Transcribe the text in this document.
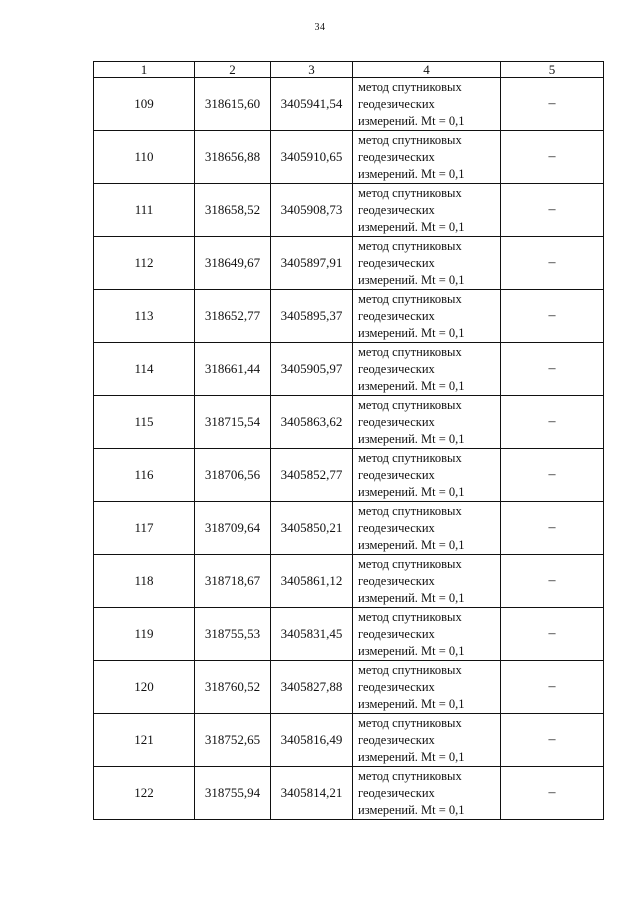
34
1	2	3	4	5
109	318615,60	3405941,54	метод спутниковых
геодезических
измерений. Mt = 0,1	–
110	318656,88	3405910,65	метод спутниковых
геодезических
измерений. Mt = 0,1	–
111	318658,52	3405908,73	метод спутниковых
геодезических
измерений. Mt = 0,1	–
112	318649,67	3405897,91	метод спутниковых
геодезических
измерений. Mt = 0,1	–
113	318652,77	3405895,37	метод спутниковых
геодезических
измерений. Mt = 0,1	–
114	318661,44	3405905,97	метод спутниковых
геодезических
измерений. Mt = 0,1	–
115	318715,54	3405863,62	метод спутниковых
геодезических
измерений. Mt = 0,1	–
116	318706,56	3405852,77	метод спутниковых
геодезических
измерений. Mt = 0,1	–
117	318709,64	3405850,21	метод спутниковых
геодезических
измерений. Mt = 0,1	–
118	318718,67	3405861,12	метод спутниковых
геодезических
измерений. Mt = 0,1	–
119	318755,53	3405831,45	метод спутниковых
геодезических
измерений. Mt = 0,1	–
120	318760,52	3405827,88	метод спутниковых
геодезических
измерений. Mt = 0,1	–
121	318752,65	3405816,49	метод спутниковых
геодезических
измерений. Mt = 0,1	–
122	318755,94	3405814,21	метод спутниковых
геодезических
измерений. Mt = 0,1	–
